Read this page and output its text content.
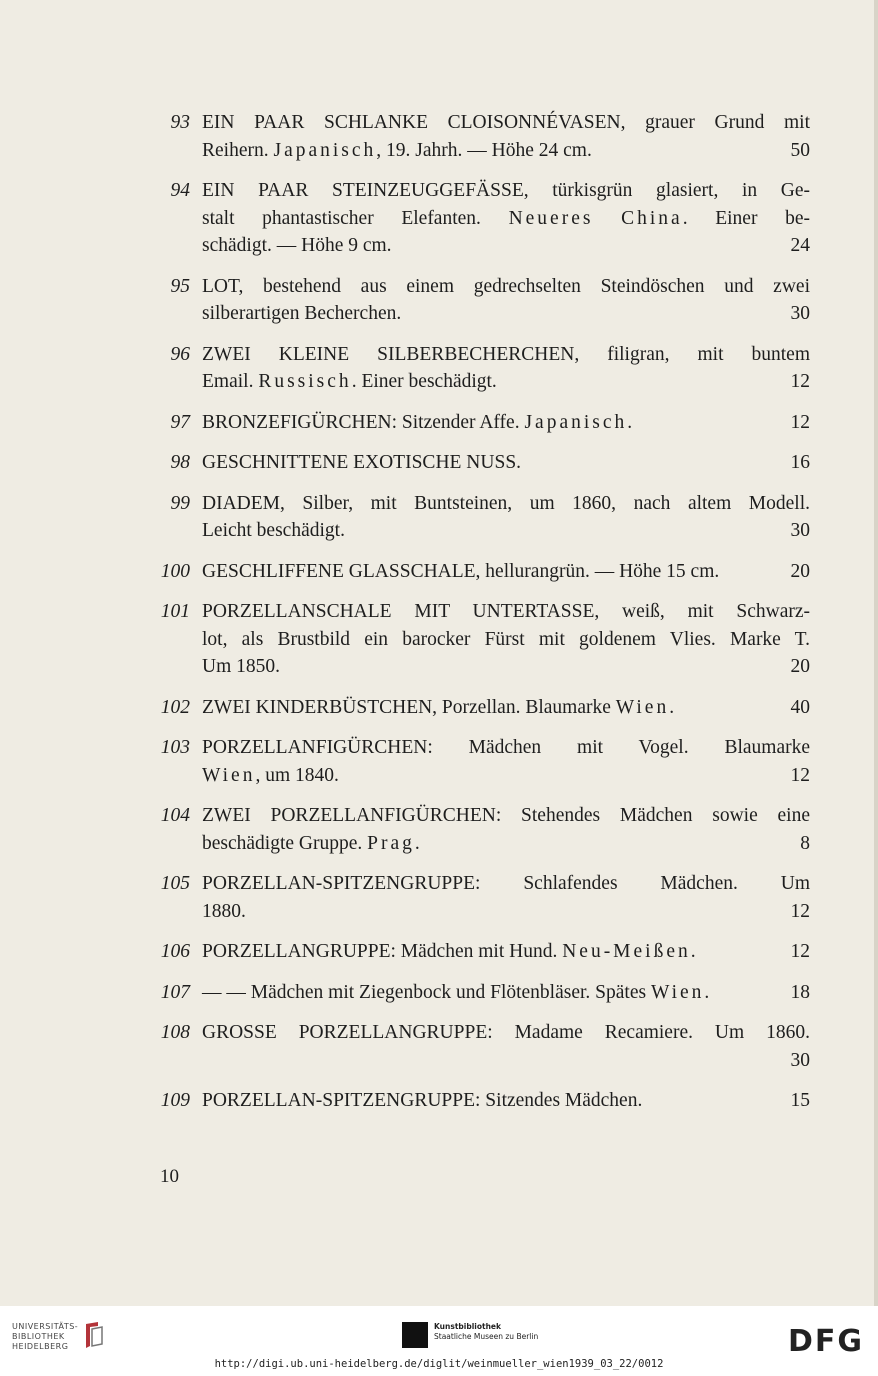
93 EIN PAAR SCHLANKE CLOISONNÉVASEN, grauer Grund mit
Reihern. Japanisch, 19. Jahrh. — Höhe 24 cm.	50
94 EIN PAAR STEINZEUGGEFÄSSE, türkisgrün glasiert, in Ge-
stalt phantastischer Elefanten. Neueres China. Einer be-
schädigt. — Höhe 9 cm.	24
95 LOT, bestehend aus einem gedrechselten Steindöschen und zwei
silberartigen Becherchen.	30
96 ZWEI KLEINE SILBERBECHERCHEN, filigran, mit buntem
Email. Russisch. Einer beschädigt.	12
97 BRONZEFIGÜRCHEN: Sitzender Affe. Japanisch.	12
98 GESCHNITTENE EXOTISCHE NUSS.	16
99 DIADEM, Silber, mit Buntsteinen, um 1860, nach altem Modell.
Leicht beschädigt.	30
100 GESCHLIFFENE GLASSCHALE, hellurangrün. — Höhe 15 cm.	20
101 PORZELLANSCHALE MIT UNTERTASSE, weiß, mit Schwarz-
lot, als Brustbild ein barocker Fürst mit goldenem Vlies. Marke T.
Um 1850.	20
102 ZWEI KINDERBÜSTCHEN, Porzellan. Blaumarke Wien.	40
103 PORZELLANFIGÜRCHEN: Mädchen mit Vogel. Blaumarke
Wien, um 1840.	12
104 ZWEI PORZELLANFIGÜRCHEN: Stehendes Mädchen sowie eine
beschädigte Gruppe. Prag.	8
105 PORZELLAN-SPITZENGRUPPE: Schlafendes Mädchen. Um
1880.	12
106 PORZELLANGRUPPE: Mädchen mit Hund. Neu-Meißen.	12
107 — — Mädchen mit Ziegenbock und Flötenbläser. Spätes Wien.	18
108 GROSSE PORZELLANGRUPPE: Madame Recamiere. Um 1860.
30
109 PORZELLAN-SPITZENGRUPPE: Sitzendes Mädchen.	15
10
UNIVERSITÄTS-
BIBLIOTHEK
HEIDELBERG
Kunstbibliothek
Staatliche Museen zu Berlin	DFG
http://digi.ub.uni-heidelberg.de/diglit/weinmueller_wien1939_03_22/0012
